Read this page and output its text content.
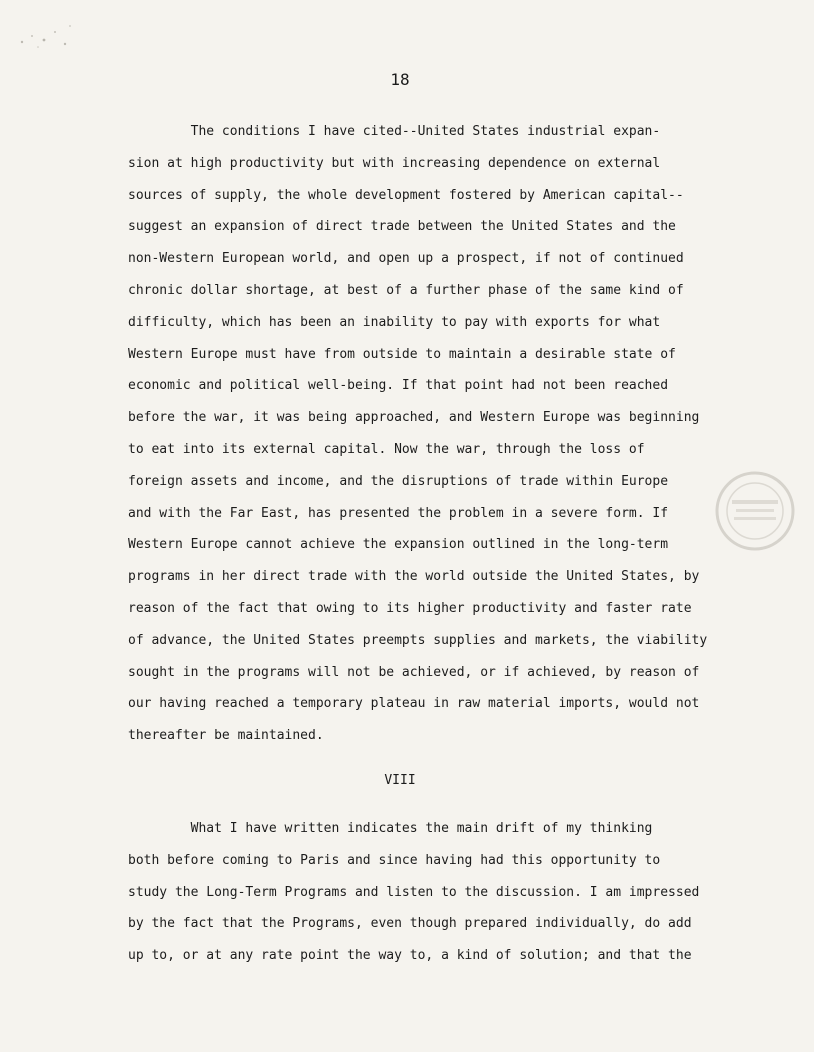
18
The conditions I have cited--United States industrial expan-
sion at high productivity but with increasing dependence on external
sources of supply, the whole development fostered by American capital--
suggest an expansion of direct trade between the United States and the
non-Western European world, and open up a prospect, if not of continued
chronic dollar shortage, at best of a further phase of the same kind of
difficulty, which has been an inability to pay with exports for what
Western Europe must have from outside to maintain a desirable state of
economic and political well-being. If that point had not been reached
before the war, it was being approached, and Western Europe was beginning
to eat into its external capital. Now the war, through the loss of
foreign assets and income, and the disruptions of trade within Europe
and with the Far East, has presented the problem in a severe form. If
Western Europe cannot achieve the expansion outlined in the long-term
programs in her direct trade with the world outside the United States, by
reason of the fact that owing to its higher productivity and faster rate
of advance, the United States preempts supplies and markets, the viability
sought in the programs will not be achieved, or if achieved, by reason of
our having reached a temporary plateau in raw material imports, would not
thereafter be maintained.
VIII
What I have written indicates the main drift of my thinking
both before coming to Paris and since having had this opportunity to
study the Long-Term Programs and listen to the discussion. I am impressed
by the fact that the Programs, even though prepared individually, do add
up to, or at any rate point the way to, a kind of solution; and that the
